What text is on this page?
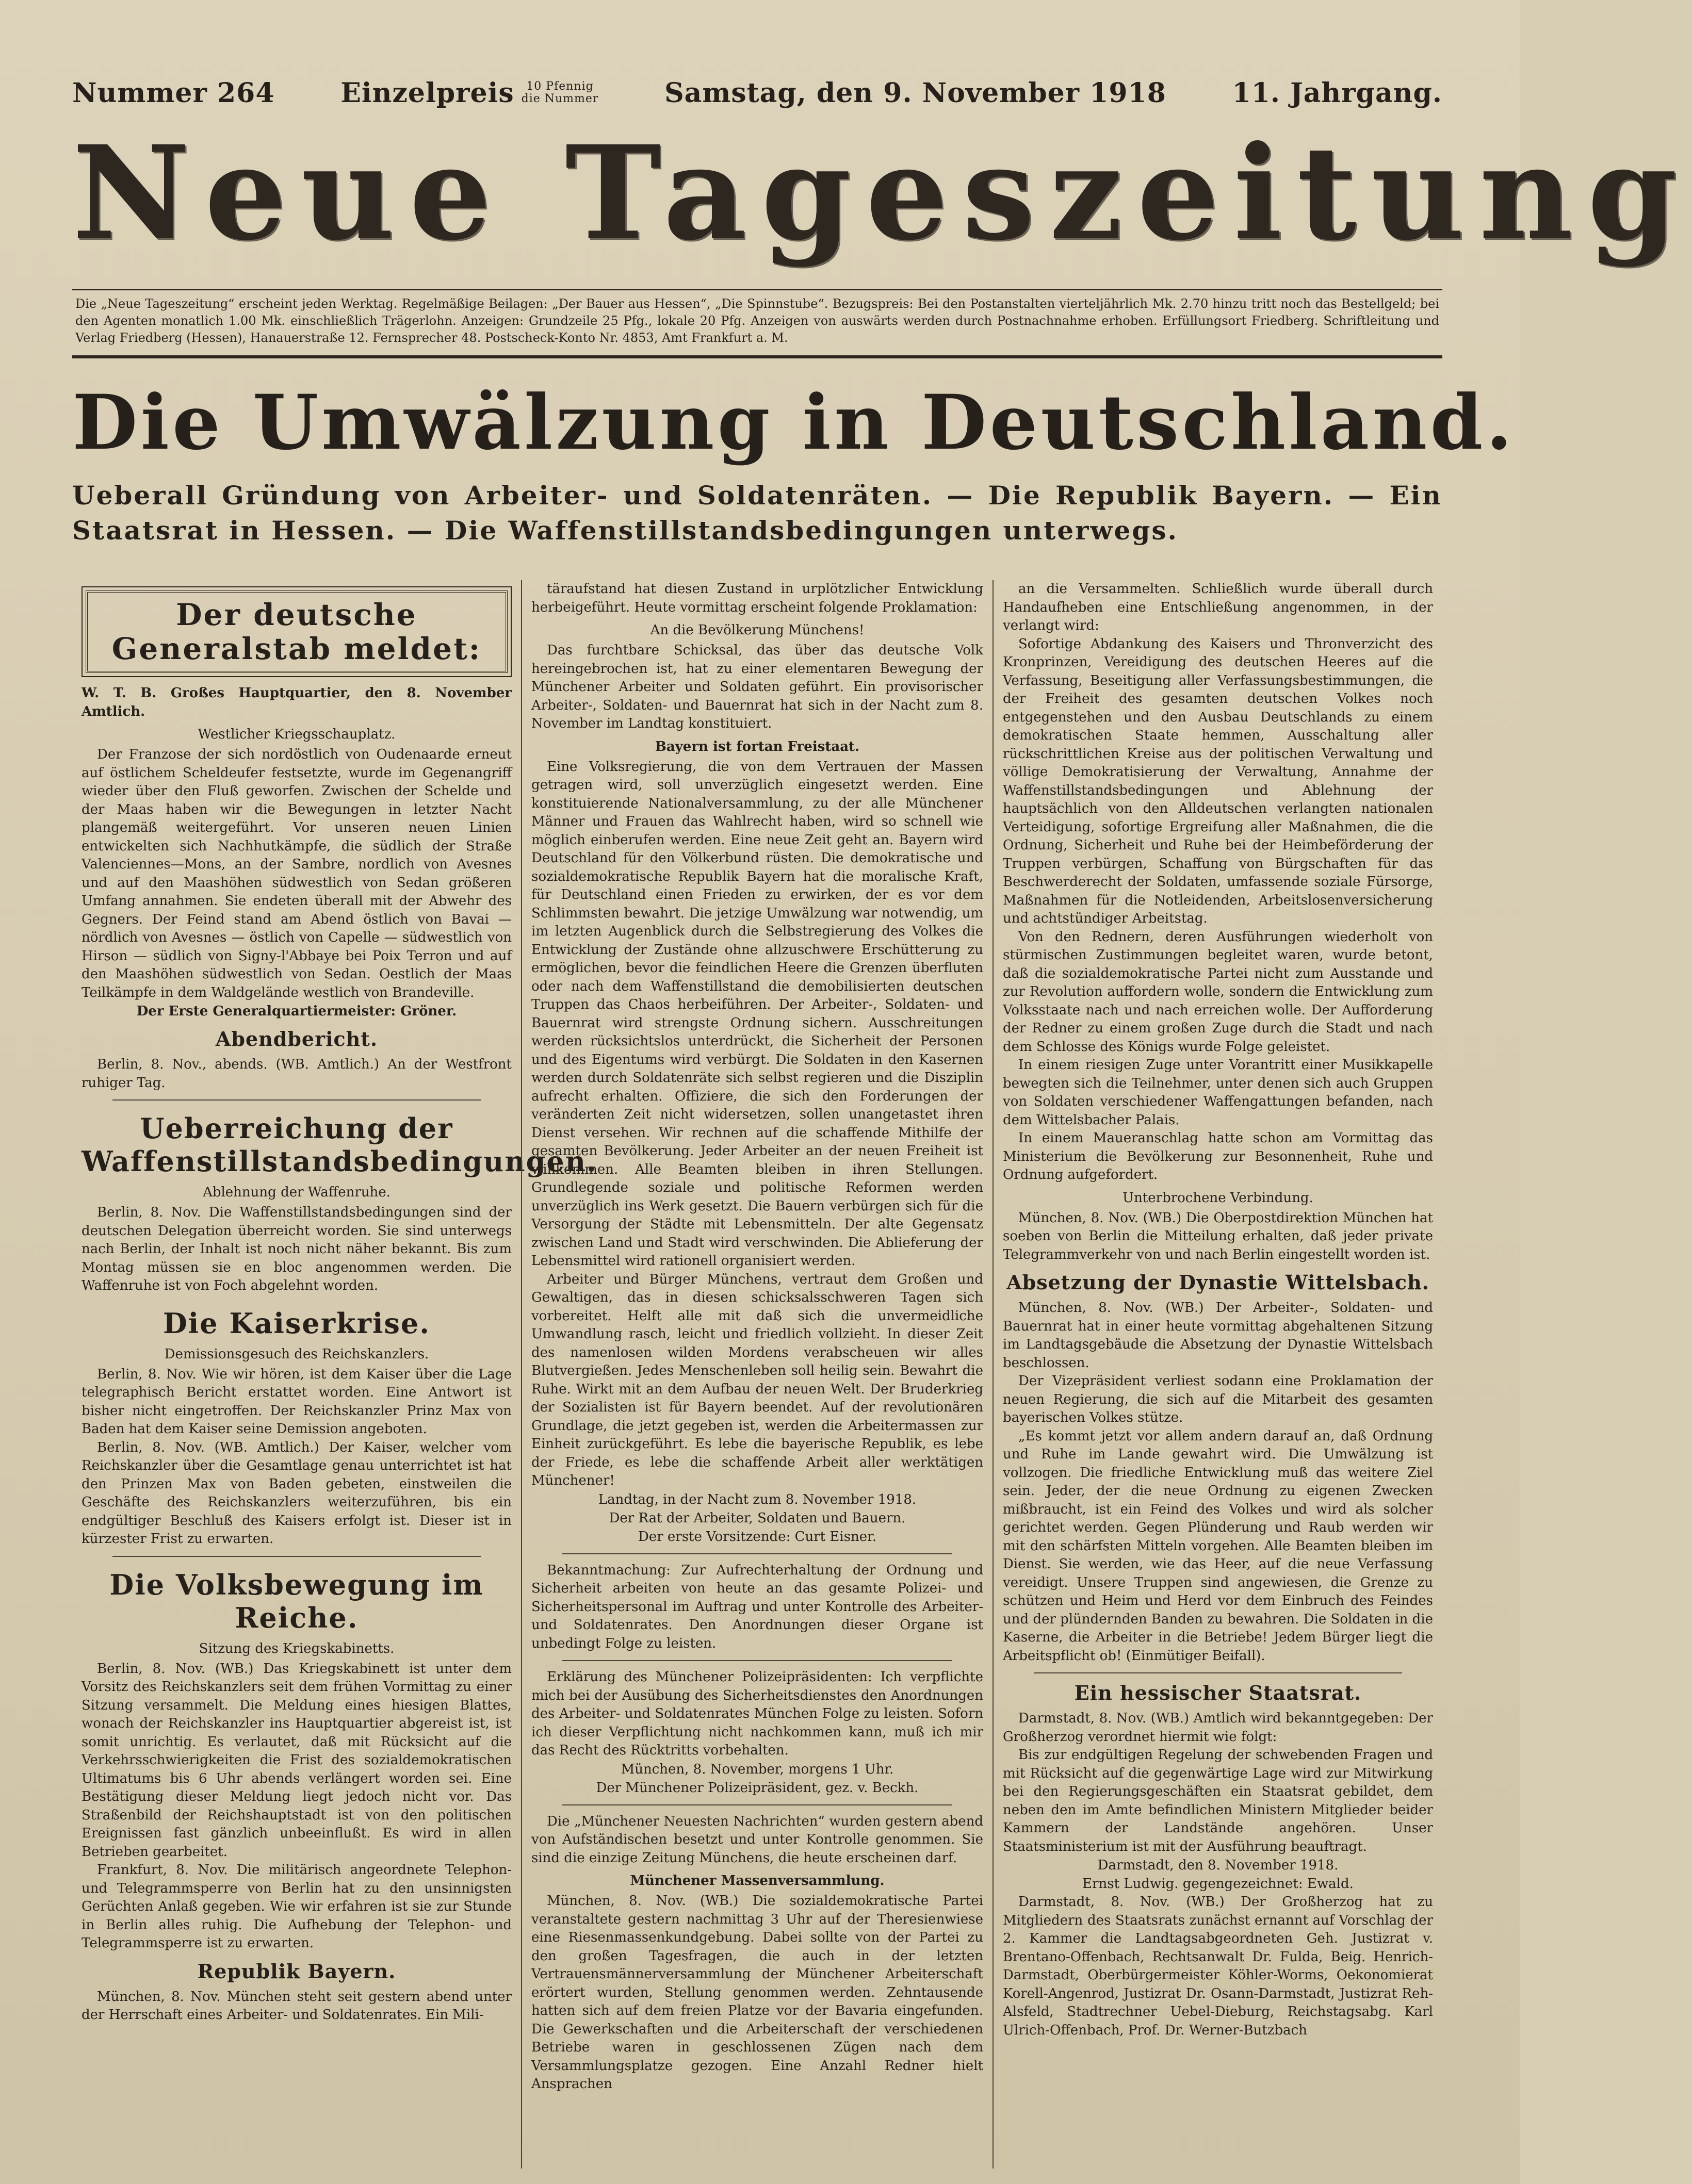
Nummer 264 Einzelpreis	10 Pfennig
die Nummer Samstag, den 9. November 1918 11. Jahrgang.
Neue Tageszeitung
Die „Neue Tageszeitung“ erscheint jeden Werktag. Regelmäßige Beilagen: „Der Bauer aus Hessen“, „Die Spinnstube“. Bezugspreis: Bei den Postanstalten vierteljährlich Mk. 2.70 hinzu tritt noch das Bestellgeld; bei den Agenten monatlich 1.00 Mk. einschließlich Trägerlohn. Anzeigen: Grundzeile 25 Pfg., lokale 20 Pfg. Anzeigen von auswärts werden durch Postnachnahme erhoben. Erfüllungsort Friedberg. Schriftleitung und Verlag Friedberg (Hessen), Hanauerstraße 12. Fernsprecher 48. Postscheck-Konto Nr. 4853, Amt Frankfurt a. M.
Die Umwälzung in Deutschland.
Ueberall Gründung von Arbeiter- und Soldatenräten. — Die Republik Bayern. — Ein Staatsrat in Hessen. — Die Waffenstillstandsbedingungen unterwegs.
Der deutsche Generalstab meldet:

W. T. B. Großes Hauptquartier, den 8. November Amtlich.

Westlicher Kriegsschauplatz.

Der Franzose der sich nordöstlich von Oudenaarde erneut auf östlichem Scheldeufer festsetzte, wurde im Gegenangriff wieder über den Fluß geworfen. Zwischen der Schelde und der Maas haben wir die Bewegungen in letzter Nacht plangemäß weitergeführt. Vor unseren neuen Linien entwickelten sich Nachhutkämpfe, die südlich der Straße Valenciennes—Mons, an der Sambre, nordlich von Avesnes und auf den Maashöhen südwestlich von Sedan größeren Umfang annahmen. Sie endeten überall mit der Abwehr des Gegners. Der Feind stand am Abend östlich von Bavai — nördlich von Avesnes — östlich von Capelle — südwestlich von Hirson — südlich von Signy-l'Abbaye bei Poix Terron und auf den Maashöhen südwestlich von Sedan. Oestlich der Maas Teilkämpfe in dem Waldgelände westlich von Brandeville.

Der Erste Generalquartiermeister: Gröner.
Abendbericht.

Berlin, 8. Nov., abends. (WB. Amtlich.) An der Westfront ruhiger Tag.

Ueberreichung der Waffenstillstandsbedingungen.
Ablehnung der Waffenruhe.

Berlin, 8. Nov. Die Waffenstillstandsbedingungen sind der deutschen Delegation überreicht worden. Sie sind unterwegs nach Berlin, der Inhalt ist noch nicht näher bekannt. Bis zum Montag müssen sie en bloc angenommen werden. Die Waffenruhe ist von Foch abgelehnt worden.

Die Kaiserkrise.
Demissionsgesuch des Reichskanzlers.

Berlin, 8. Nov. Wie wir hören, ist dem Kaiser über die Lage telegraphisch Bericht erstattet worden. Eine Antwort ist bisher nicht eingetroffen. Der Reichskanzler Prinz Max von Baden hat dem Kaiser seine Demission angeboten.

Berlin, 8. Nov. (WB. Amtlich.) Der Kaiser, welcher vom Reichskanzler über die Gesamtlage genau unterrichtet ist hat den Prinzen Max von Baden gebeten, einstweilen die Geschäfte des Reichskanzlers weiterzuführen, bis ein endgültiger Beschluß des Kaisers erfolgt ist. Dieser ist in kürzester Frist zu erwarten.

Die Volksbewegung im Reiche.
Sitzung des Kriegskabinetts.

Berlin, 8. Nov. (WB.) Das Kriegskabinett ist unter dem Vorsitz des Reichskanzlers seit dem frühen Vormittag zu einer Sitzung versammelt. Die Meldung eines hiesigen Blattes, wonach der Reichskanzler ins Hauptquartier abgereist ist, ist somit unrichtig. Es verlautet, daß mit Rücksicht auf die Verkehrsschwierigkeiten die Frist des sozialdemokratischen Ultimatums bis 6 Uhr abends verlängert worden sei. Eine Bestätigung dieser Meldung liegt jedoch nicht vor. Das Straßenbild der Reichshauptstadt ist von den politischen Ereignissen fast gänzlich unbeeinflußt. Es wird in allen Betrieben gearbeitet.

Frankfurt, 8. Nov. Die militärisch angeordnete Telephon- und Telegrammsperre von Berlin hat zu den unsinnigsten Gerüchten Anlaß gegeben. Wie wir erfahren ist sie zur Stunde in Berlin alles ruhig. Die Aufhebung der Telephon- und Telegrammsperre ist zu erwarten.

Republik Bayern.

München, 8. Nov. München steht seit gestern abend unter der Herrschaft eines Arbeiter- und Soldatenrates. Ein Mili-

täraufstand hat diesen Zustand in urplötzlicher Entwicklung herbeigeführt. Heute vormittag erscheint folgende Proklamation:

An die Bevölkerung Münchens!

Das furchtbare Schicksal, das über das deutsche Volk hereingebrochen ist, hat zu einer elementaren Bewegung der Münchener Arbeiter und Soldaten geführt. Ein provisorischer Arbeiter-, Soldaten- und Bauernrat hat sich in der Nacht zum 8. November im Landtag konstituiert.

Bayern ist fortan Freistaat.

Eine Volksregierung, die von dem Vertrauen der Massen getragen wird, soll unverzüglich eingesetzt werden. Eine konstituierende Nationalversammlung, zu der alle Münchener Männer und Frauen das Wahlrecht haben, wird so schnell wie möglich einberufen werden. Eine neue Zeit geht an. Bayern wird Deutschland für den Völkerbund rüsten. Die demokratische und sozialdemokratische Republik Bayern hat die moralische Kraft, für Deutschland einen Frieden zu erwirken, der es vor dem Schlimmsten bewahrt. Die jetzige Umwälzung war notwendig, um im letzten Augenblick durch die Selbstregierung des Volkes die Entwicklung der Zustände ohne allzuschwere Erschütterung zu ermöglichen, bevor die feindlichen Heere die Grenzen überfluten oder nach dem Waffenstillstand die demobilisierten deutschen Truppen das Chaos herbeiführen. Der Arbeiter-, Soldaten- und Bauernrat wird strengste Ordnung sichern. Ausschreitungen werden rücksichtslos unterdrückt, die Sicherheit der Personen und des Eigentums wird verbürgt. Die Soldaten in den Kasernen werden durch Soldatenräte sich selbst regieren und die Disziplin aufrecht erhalten. Offiziere, die sich den Forderungen der veränderten Zeit nicht widersetzen, sollen unangetastet ihren Dienst versehen. Wir rechnen auf die schaffende Mithilfe der gesamten Bevölkerung. Jeder Arbeiter an der neuen Freiheit ist willkommen. Alle Beamten bleiben in ihren Stellungen. Grundlegende soziale und politische Reformen werden unverzüglich ins Werk gesetzt. Die Bauern verbürgen sich für die Versorgung der Städte mit Lebensmitteln. Der alte Gegensatz zwischen Land und Stadt wird verschwinden. Die Ablieferung der Lebensmittel wird rationell organisiert werden.

Arbeiter und Bürger Münchens, vertraut dem Großen und Gewaltigen, das in diesen schicksalsschweren Tagen sich vorbereitet. Helft alle mit daß sich die unvermeidliche Umwandlung rasch, leicht und friedlich vollzieht. In dieser Zeit des namenlosen wilden Mordens verabscheuen wir alles Blutvergießen. Jedes Menschenleben soll heilig sein. Bewahrt die Ruhe. Wirkt mit an dem Aufbau der neuen Welt. Der Bruderkrieg der Sozialisten ist für Bayern beendet. Auf der revolutionären Grundlage, die jetzt gegeben ist, werden die Arbeitermassen zur Einheit zurückgeführt. Es lebe die bayerische Republik, es lebe der Friede, es lebe die schaffende Arbeit aller werktätigen Münchener!

Landtag, in der Nacht zum 8. November 1918.
Der Rat der Arbeiter, Soldaten und Bauern.
Der erste Vorsitzende: Curt Eisner.

Bekanntmachung: Zur Aufrechterhaltung der Ordnung und Sicherheit arbeiten von heute an das gesamte Polizei- und Sicherheitspersonal im Auftrag und unter Kontrolle des Arbeiter- und Soldatenrates. Den Anordnungen dieser Organe ist unbedingt Folge zu leisten.

Erklärung des Münchener Polizeipräsidenten: Ich verpflichte mich bei der Ausübung des Sicherheitsdienstes den Anordnungen des Arbeiter- und Soldatenrates München Folge zu leisten. Soforn ich dieser Verpflichtung nicht nachkommen kann, muß ich mir das Recht des Rücktritts vorbehalten.

München, 8. November, morgens 1 Uhr.
Der Münchener Polizeipräsident, gez. v. Beckh.

Die „Münchener Neuesten Nachrichten“ wurden gestern abend von Aufständischen besetzt und unter Kontrolle genommen. Sie sind die einzige Zeitung Münchens, die heute erscheinen darf.

Münchener Massenversammlung.

München, 8. Nov. (WB.) Die sozialdemokratische Partei veranstaltete gestern nachmittag 3 Uhr auf der Theresienwiese eine Riesenmassenkundgebung. Dabei sollte von der Partei zu den großen Tagesfragen, die auch in der letzten Vertrauensmännerversammlung der Münchener Arbeiterschaft erörtert wurden, Stellung genommen werden. Zehntausende hatten sich auf dem freien Platze vor der Bavaria eingefunden. Die Gewerkschaften und die Arbeiterschaft der verschiedenen Betriebe waren in geschlossenen Zügen nach dem Versammlungsplatze gezogen. Eine Anzahl Redner hielt Ansprachen

an die Versammelten. Schließlich wurde überall durch Handaufheben eine Entschließung angenommen, in der verlangt wird:

Sofortige Abdankung des Kaisers und Thronverzicht des Kronprinzen, Vereidigung des deutschen Heeres auf die Verfassung, Beseitigung aller Verfassungsbestimmungen, die der Freiheit des gesamten deutschen Volkes noch entgegenstehen und den Ausbau Deutschlands zu einem demokratischen Staate hemmen, Ausschaltung aller rückschrittlichen Kreise aus der politischen Verwaltung und völlige Demokratisierung der Verwaltung, Annahme der Waffenstillstandsbedingungen und Ablehnung der hauptsächlich von den Alldeutschen verlangten nationalen Verteidigung, sofortige Ergreifung aller Maßnahmen, die die Ordnung, Sicherheit und Ruhe bei der Heimbeförderung der Truppen verbürgen, Schaffung von Bürgschaften für das Beschwerderecht der Soldaten, umfassende soziale Fürsorge, Maßnahmen für die Notleidenden, Arbeitslosenversicherung und achtstündiger Arbeitstag.

Von den Rednern, deren Ausführungen wiederholt von stürmischen Zustimmungen begleitet waren, wurde betont, daß die sozialdemokratische Partei nicht zum Ausstande und zur Revolution auffordern wolle, sondern die Entwicklung zum Volksstaate nach und nach erreichen wolle. Der Aufforderung der Redner zu einem großen Zuge durch die Stadt und nach dem Schlosse des Königs wurde Folge geleistet.

In einem riesigen Zuge unter Vorantritt einer Musikkapelle bewegten sich die Teilnehmer, unter denen sich auch Gruppen von Soldaten verschiedener Waffengattungen befanden, nach dem Wittelsbacher Palais.

In einem Maueranschlag hatte schon am Vormittag das Ministerium die Bevölkerung zur Besonnenheit, Ruhe und Ordnung aufgefordert.

Unterbrochene Verbindung.

München, 8. Nov. (WB.) Die Oberpostdirektion München hat soeben von Berlin die Mitteilung erhalten, daß jeder private Telegrammverkehr von und nach Berlin eingestellt worden ist.

Absetzung der Dynastie Wittelsbach.

München, 8. Nov. (WB.) Der Arbeiter-, Soldaten- und Bauernrat hat in einer heute vormittag abgehaltenen Sitzung im Landtagsgebäude die Absetzung der Dynastie Wittelsbach beschlossen.

Der Vizepräsident verliest sodann eine Proklamation der neuen Regierung, die sich auf die Mitarbeit des gesamten bayerischen Volkes stütze.

„Es kommt jetzt vor allem andern darauf an, daß Ordnung und Ruhe im Lande gewahrt wird. Die Umwälzung ist vollzogen. Die friedliche Entwicklung muß das weitere Ziel sein. Jeder, der die neue Ordnung zu eigenen Zwecken mißbraucht, ist ein Feind des Volkes und wird als solcher gerichtet werden. Gegen Plünderung und Raub werden wir mit den schärfsten Mitteln vorgehen. Alle Beamten bleiben im Dienst. Sie werden, wie das Heer, auf die neue Verfassung vereidigt. Unsere Truppen sind angewiesen, die Grenze zu schützen und Heim und Herd vor dem Einbruch des Feindes und der plündernden Banden zu bewahren. Die Soldaten in die Kaserne, die Arbeiter in die Betriebe! Jedem Bürger liegt die Arbeitspflicht ob! (Einmütiger Beifall).

Ein hessischer Staatsrat.

Darmstadt, 8. Nov. (WB.) Amtlich wird bekanntgegeben: Der Großherzog verordnet hiermit wie folgt:

Bis zur endgültigen Regelung der schwebenden Fragen und mit Rücksicht auf die gegenwärtige Lage wird zur Mitwirkung bei den Regierungsgeschäften ein Staatsrat gebildet, dem neben den im Amte befindlichen Ministern Mitglieder beider Kammern der Landstände angehören. Unser Staatsministerium ist mit der Ausführung beauftragt.

Darmstadt, den 8. November 1918.
Ernst Ludwig. gegengezeichnet: Ewald.

Darmstadt, 8. Nov. (WB.) Der Großherzog hat zu Mitgliedern des Staatsrats zunächst ernannt auf Vorschlag der 2. Kammer die Landtagsabgeordneten Geh. Justizrat v. Brentano-Offenbach, Rechtsanwalt Dr. Fulda, Beig. Henrich-Darmstadt, Oberbürgermeister Köhler-Worms, Oekonomierat Korell-Angenrod, Justizrat Dr. Osann-Darmstadt, Justizrat Reh-Alsfeld, Stadtrechner Uebel-Dieburg, Reichstagsabg. Karl Ulrich-Offenbach, Prof. Dr. Werner-Butzbach
